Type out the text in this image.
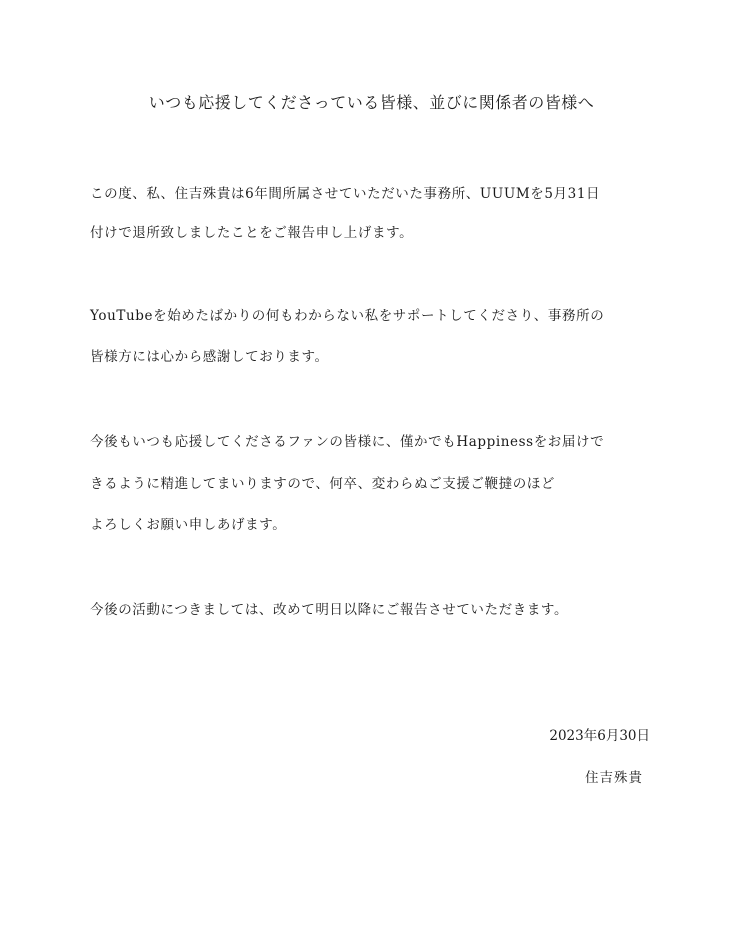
いつも応援してくださっている皆様、並びに関係者の皆様へ
この度、私、住吉殊貴は6年間所属させていただいた事務所、UUUMを5月31日
付けで退所致しましたことをご報告申し上げます。
YouTubeを始めたばかりの何もわからない私をサポートしてくださり、事務所の
皆様方には心から感謝しております。
今後もいつも応援してくださるファンの皆様に、僅かでもHappinessをお届けで
きるように精進してまいりますので、何卒、変わらぬご支援ご鞭撻のほど
よろしくお願い申しあげます。
今後の活動につきましては、改めて明日以降にご報告させていただきます。
2023年6月30日
住吉殊貴
